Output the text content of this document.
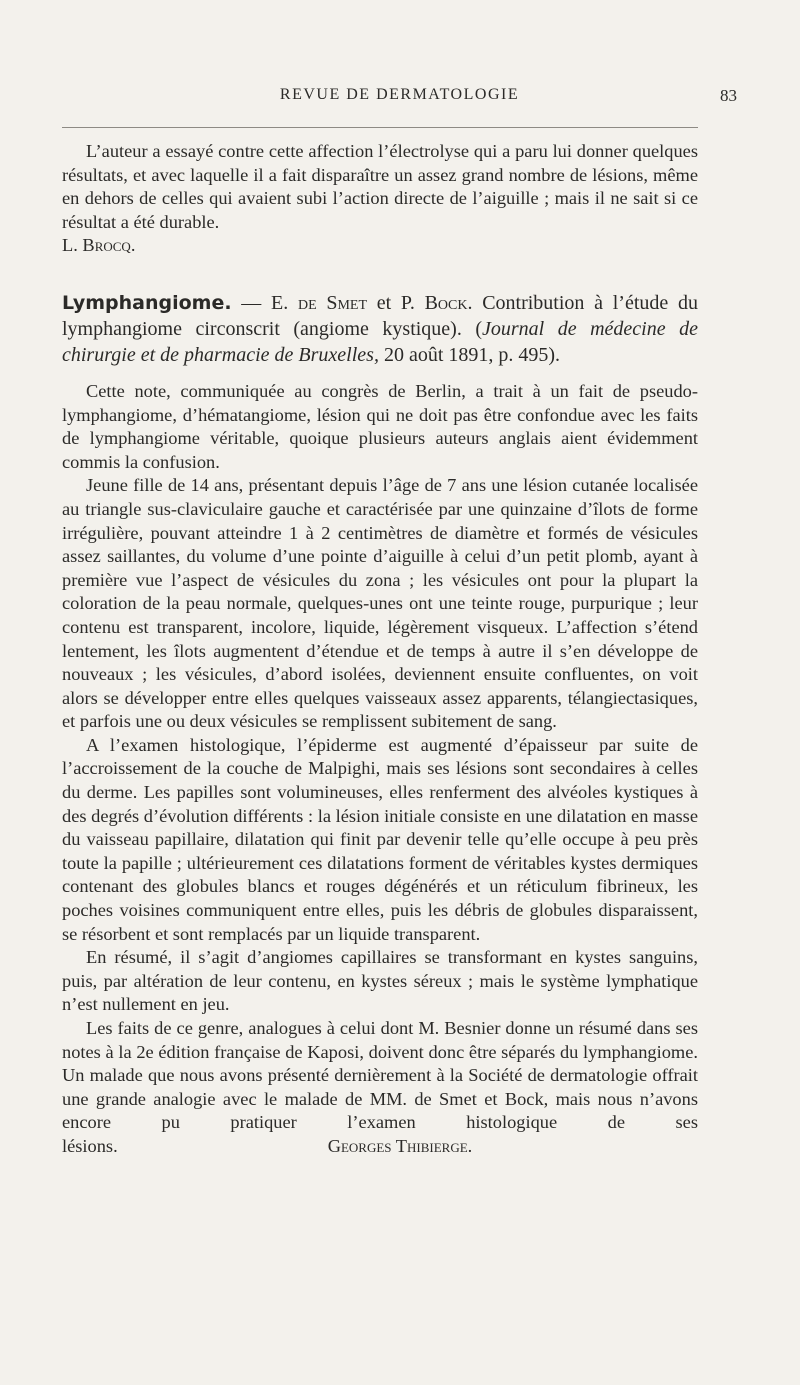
REVUE DE DERMATOLOGIE	83

L’auteur a essayé contre cette affection l’électrolyse qui a paru lui donner quelques résultats, et avec laquelle il a fait disparaître un assez grand nombre de lésions, même en dehors de celles qui avaient subi l’action directe de l’aiguille ; mais il ne sait si ce résultat a été durable.

L. Brocq.

Lymphangiome. — E. de Smet et P. Bock. Contribution à l’étude du lymphangiome circonscrit (angiome kystique). (Journal de médecine de chirurgie et de pharmacie de Bruxelles, 20 août 1891, p. 495).

Cette note, communiquée au congrès de Berlin, a trait à un fait de pseudo-lymphangiome, d’hématangiome, lésion qui ne doit pas être confondue avec les faits de lymphangiome véritable, quoique plusieurs auteurs anglais aient évidemment commis la confusion.

Jeune fille de 14 ans, présentant depuis l’âge de 7 ans une lésion cutanée localisée au triangle sus-claviculaire gauche et caractérisée par une quinzaine d’îlots de forme irrégulière, pouvant atteindre 1 à 2 centimètres de diamètre et formés de vésicules assez saillantes, du volume d’une pointe d’aiguille à celui d’un petit plomb, ayant à première vue l’aspect de vésicules du zona ; les vésicules ont pour la plupart la coloration de la peau normale, quelques-unes ont une teinte rouge, purpurique ; leur contenu est transparent, incolore, liquide, légèrement visqueux. L’affection s’étend lentement, les îlots augmentent d’étendue et de temps à autre il s’en développe de nouveaux ; les vésicules, d’abord isolées, deviennent ensuite confluentes, on voit alors se développer entre elles quelques vaisseaux assez apparents, télangiectasiques, et parfois une ou deux vésicules se remplissent subitement de sang.

A l’examen histologique, l’épiderme est augmenté d’épaisseur par suite de l’accroissement de la couche de Malpighi, mais ses lésions sont secondaires à celles du derme. Les papilles sont volumineuses, elles renferment des alvéoles kystiques à des degrés d’évolution différents : la lésion initiale consiste en une dilatation en masse du vaisseau papillaire, dilatation qui finit par devenir telle qu’elle occupe à peu près toute la papille ; ultérieurement ces dilatations forment de véritables kystes dermiques contenant des globules blancs et rouges dégénérés et un réticulum fibrineux, les poches voisines communiquent entre elles, puis les débris de globules disparaissent, se résorbent et sont remplacés par un liquide transparent.

En résumé, il s’agit d’angiomes capillaires se transformant en kystes sanguins, puis, par altération de leur contenu, en kystes séreux ; mais le système lymphatique n’est nullement en jeu.

Les faits de ce genre, analogues à celui dont M. Besnier donne un résumé dans ses notes à la 2e édition française de Kaposi, doivent donc être séparés du lymphangiome. Un malade que nous avons présenté dernièrement à la Société de dermatologie offrait une grande analogie avec le malade de MM. de Smet et Bock, mais nous n’avons encore pu pratiquer l’examen histologique de ses lésions.	Georges Thibierge.
